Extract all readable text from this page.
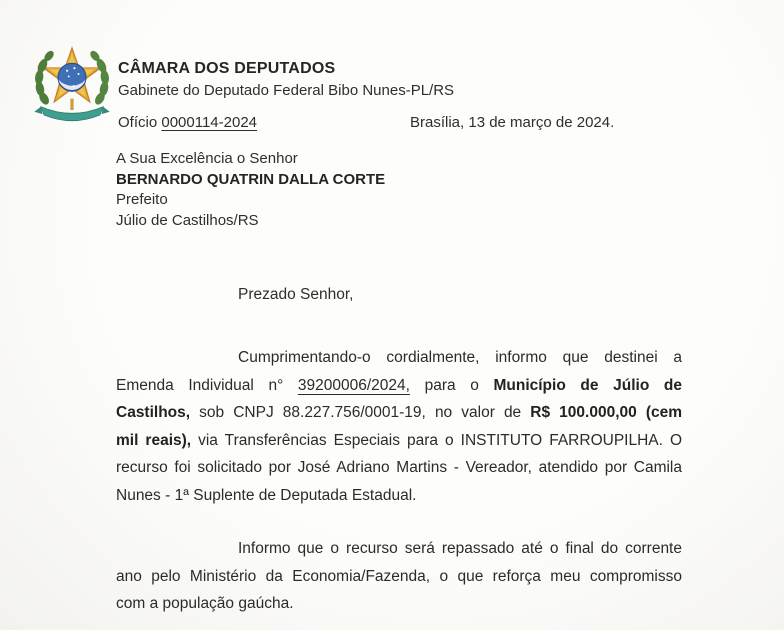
CÂMARA DOS DEPUTADOS
Gabinete do Deputado Federal Bibo Nunes-PL/RS
Ofício 0000114-2024	Brasília, 13 de março de 2024.
A Sua Excelência o Senhor
BERNARDO QUATRIN DALLA CORTE
Prefeito
Júlio de Castilhos/RS
Prezado Senhor,
Cumprimentando-o cordialmente, informo que destinei a
Emenda Individual n° 39200006/2024, para o Município de Júlio de
Castilhos, sob CNPJ 88.227.756/0001-19, no valor de R$ 100.000,00 (cem
mil reais), via Transferências Especiais para o INSTITUTO FARROUPILHA. O
recurso foi solicitado por José Adriano Martins - Vereador, atendido por Camila
Nunes - 1ª Suplente de Deputada Estadual.
Informo que o recurso será repassado até o final do corrente
ano pelo Ministério da Economia/Fazenda, o que reforça meu compromisso
com a população gaúcha.
